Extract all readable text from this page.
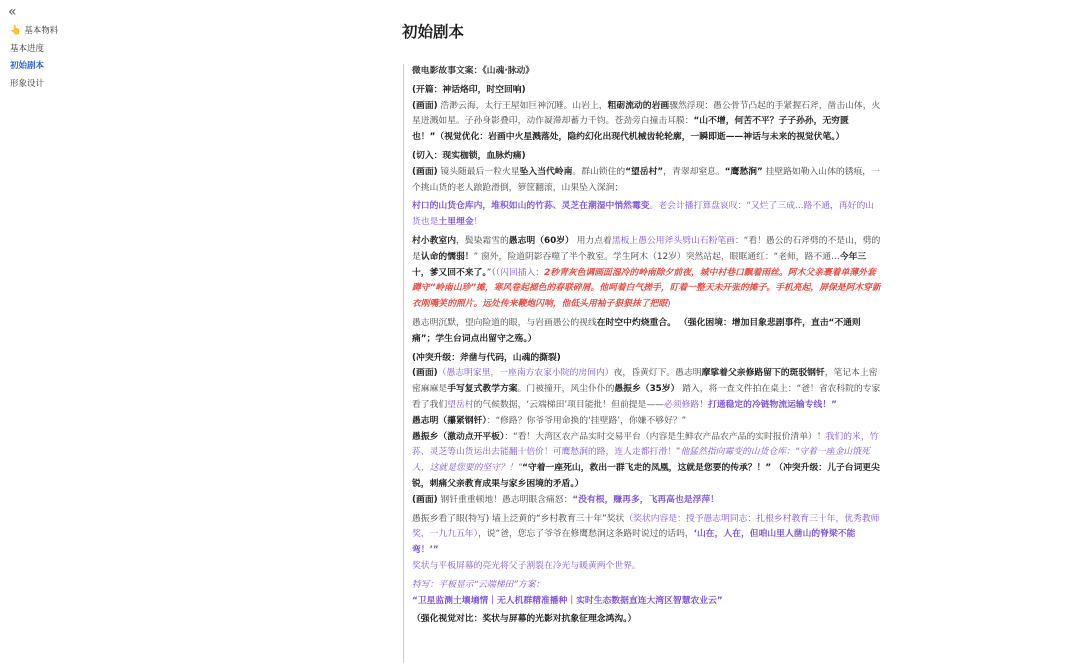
«
👆 基本物料
基本进度
初始剧本
形象设计
初始剧本

微电影故事文案：《山魂·脉动》

(开篇：神话烙印，时空回响)

(画面) 浩渺云海，太行王屋如巨神沉睡。山岩上，粗砺流动的岩画骤然浮现：愚公骨节凸起的手紧握石斧，凿击山体，火星迸溅如星。子孙身影叠印，动作凝滞却蓄力千钧。苍劲旁白撞击耳膜：“山不增，何苦不平？子子孙孙，无穷匮也！”（视觉优化：岩画中火星溅落处，隐约幻化出现代机械齿轮轮廓，一瞬即逝——神话与未来的视觉伏笔。）

(切入：现实枷锁，血脉灼痛)

(画面) 镜头随最后一粒火星坠入当代岭南。群山锁住的“望岳村”，青翠却窒息。“鹰愁涧” 挂壁路如勒入山体的锈痕，一个挑山货的老人踉跄滑倒，箩筐翻滚，山果坠入深涧；

村口的山货仓库内，堆积如山的竹荪、灵芝在潮湿中悄然霉变。老会计播打算盘哀叹：“又烂了三成…路不通，再好的山货也是土里埋金！

村小教室内，鬓染霜雪的愚志明（60岁） 用力点着黑板上愚公用斧头劈山石粉笔画：“看！愚公的石斧劈的不是山，劈的是认命的懦弱！” 窗外，险道阴影吞噬了半个教室。学生阿木（12岁）突然站起，眼眶通红：“老师，路不通…今年三十，爹又回不来了。”（（闪回插入：2秒青灰色调画面湿冷的岭南除夕前夜，城中村巷口飘着雨丝。阿木父亲裹着单薄外套蹲守“岭南山珍”摊，寒风卷起褪色的春联碎屑。他呵着白气搓手，盯着一整天未开张的摊子。手机亮起，屏保是阿木穿新衣刚嘴笑的照片。远处传来鞭炮闪响，他低头用袖子狠狠抹了把眼)

愚志明沉默，望向险道的眼，与岩画愚公的视线在时空中灼烧重合。 （强化困境：增加目象悲剧事件，直击“不通则痛”；学生台词点出留守之殇。）

(冲突升级：斧凿与代码，山魂的撕裂)

(画面)（愚志明家里，一座南方农家小院的房间内）夜，昏黄灯下。愚志明摩挲着父亲修路留下的斑驳钢钎，笔记本上密密麻麻是手写复式教学方案。门被撞开，风尘仆仆的愚振乡（35岁） 踏入，将一查文件拍在桌上：“爸！省农科院的专家看了我们望岳村的气候数据，‘云端梯田’项目能批！但前提是——必须修路！打通稳定的冷链物流运输专线！”

愚志明（攥紧钢钎）：“修路？你爷爷用命换的‘挂壁路’，你嫌不够好？”

愚振乡（激动点开平板）：“看！大湾区农产品实时交易平台（内容是生鲜农产品农产品的实时报价清单）！我们的米，竹荪、灵芝等山货运出去能翻十倍价！可鹰愁涧的路，连人走都打滑！”他猛然指向霉变的山货仓库：“守着一座金山饿死人，这就是您要的坚守？！”“守着一座死山，救出一群飞走的凤凰，这就是您要的传承？！” （冲突升级：儿子台词更尖锐，刺痛父亲教育成果与家乡困境的矛盾。）

(画面) 钢钎重重顿地！愚志明眼含痛怒：“没有根，赚再多，飞再高也是浮萍！

愚振乡看了眼(特写) 墙上泛黄的“乡村教育三十年”奖状（奖状内容是：授予愚志明同志：扎根乡村教育三十年，优秀教师奖，一九九五年），说“爸，您忘了爷爷在修鹰愁涧这条路时说过的话吗，‘山在，人在，但咱山里人凿山的脊梁不能弯！’”

奖状与平板屏幕的亮光将父子割裂在冷光与暖黄两个世界。

特写：平板显示“云端梯田”方案：

“卫星监测土壤墒情｜无人机群精准播种｜实时生态数据直连大湾区智慧农业云”

（强化视觉对比：奖状与屏幕的光影对抗象征理念鸿沟。）
